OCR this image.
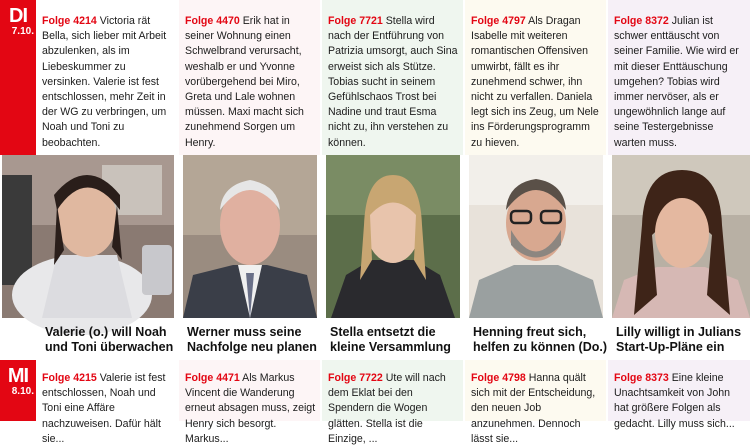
DI
7.10.
MI
8.10.
Folge 4214 Victoria rät Bella, sich lieber mit Arbeit abzulenken, als im Liebeskummer zu versinken. Valerie ist fest entschlossen, mehr Zeit in der WG zu verbringen, um Noah und Toni zu beobachten.
Folge 4470 Erik hat in seiner Wohnung einen Schwelbrand verursacht, weshalb er und Yvonne vorübergehend bei Miro, Greta und Lale wohnen müssen. Maxi macht sich zunehmend Sorgen um Henry.
Folge 7721 Stella wird nach der Entführung von Patrizia umsorgt, auch Sina erweist sich als Stütze. Tobias sucht in seinem Gefühlschaos Trost bei Nadine und traut Esma nicht zu, ihn verstehen zu können.
Folge 4797 Als Dragan Isabelle mit weiteren romantischen Offensiven umwirbt, fällt es ihr zunehmend schwer, ihn nicht zu verfallen. Daniela legt sich ins Zeug, um Nele ins Förderungsprogramm zu hieven.
Folge 8372 Julian ist schwer enttäuscht von seiner Familie. Wie wird er mit dieser Enttäuschung umgehen? Tobias wird immer nervöser, als er ungewöhnlich lange auf seine Testergebnisse warten muss.
Valerie (o.) will Noah und Toni überwachen
Werner muss seine Nachfolge neu planen
Stella entsetzt die kleine Versammlung
Henning freut sich, helfen zu können (Do.)
Lilly willigt in Julians Start-Up-Pläne ein
Folge 4215 Valerie ist fest entschlossen, Noah und Toni eine Affäre nachzuweisen. Dafür hält sie...
Folge 4471 Als Markus Vincent die Wanderung erneut absagen muss, zeigt Henry sich besorgt. Markus...
Folge 7722 Ute will nach dem Eklat bei den Spendern die Wogen glätten. Stella ist die Einzige, ...
Folge 4798 Hanna quält sich mit der Entscheidung, den neuen Job anzunehmen. Dennoch lässt sie...
Folge 8373 Eine kleine Unachtsamkeit von John hat größere Folgen als gedacht. Lilly muss sich...
